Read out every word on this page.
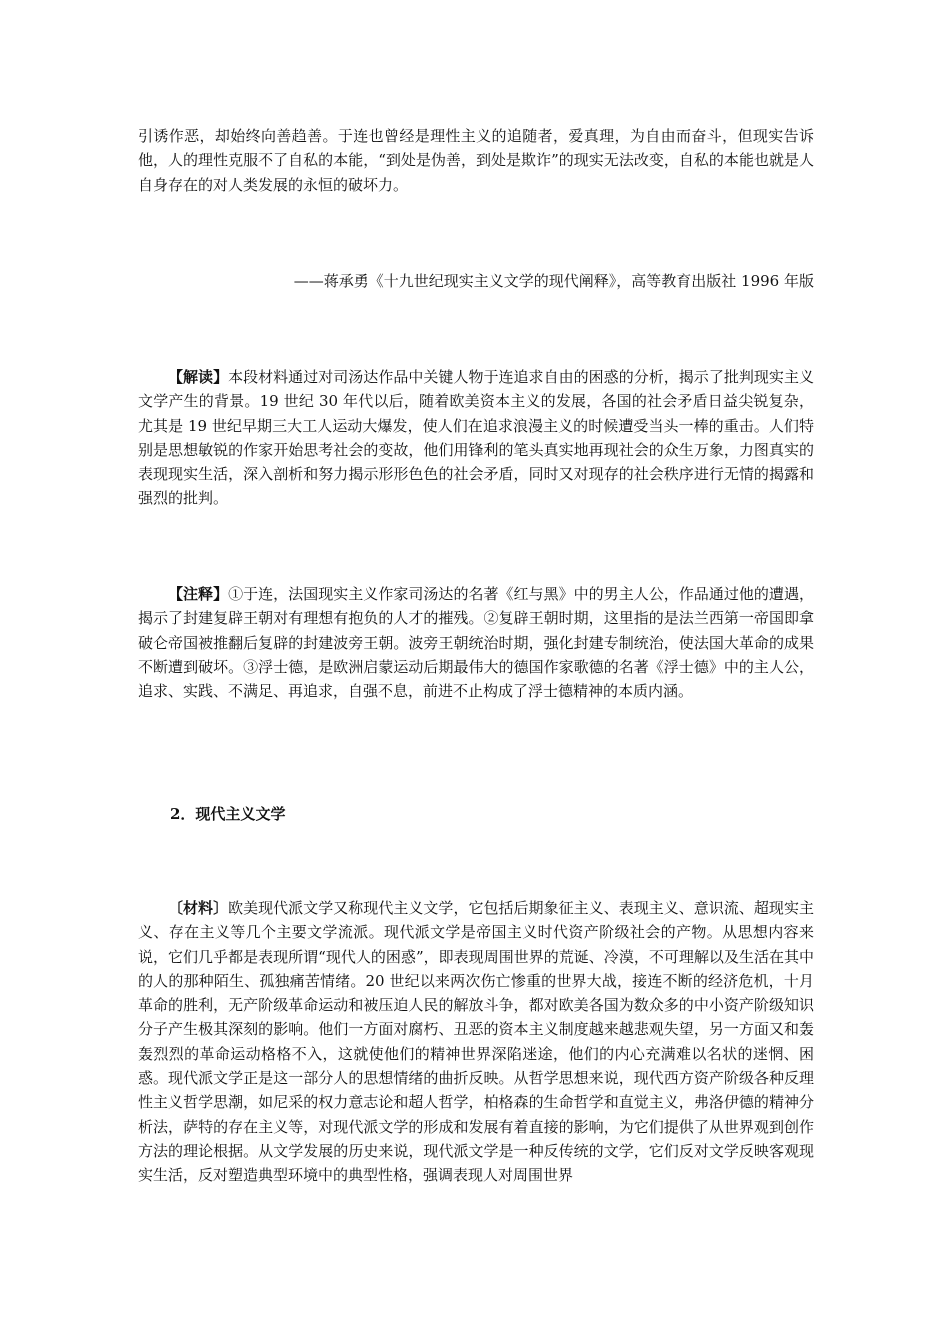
引诱作恶，却始终向善趋善。于连也曾经是理性主义的追随者，爱真理，为自由而奋斗，但现实告诉他，人的理性克服不了自私的本能，“到处是伪善，到处是欺诈”的现实无法改变，自私的本能也就是人自身存在的对人类发展的永恒的破坏力。

——蒋承勇《十九世纪现实主义文学的现代阐释》，高等教育出版社 1996 年版

【解读】本段材料通过对司汤达作品中关键人物于连追求自由的困惑的分析，揭示了批判现实主义文学产生的背景。19 世纪 30 年代以后，随着欧美资本主义的发展，各国的社会矛盾日益尖锐复杂，尤其是 19 世纪早期三大工人运动大爆发，使人们在追求浪漫主义的时候遭受当头一棒的重击。人们特别是思想敏锐的作家开始思考社会的变故，他们用锋利的笔头真实地再现社会的众生万象，力图真实的表现现实生活，深入剖析和努力揭示形形色色的社会矛盾，同时又对现存的社会秩序进行无情的揭露和强烈的批判。

【注释】①于连，法国现实主义作家司汤达的名著《红与黑》中的男主人公，作品通过他的遭遇，揭示了封建复辟王朝对有理想有抱负的人才的摧残。②复辟王朝时期，这里指的是法兰西第一帝国即拿破仑帝国被推翻后复辟的封建波旁王朝。波旁王朝统治时期，强化封建专制统治，使法国大革命的成果不断遭到破坏。③浮士德，是欧洲启蒙运动后期最伟大的德国作家歌德的名著《浮士德》中的主人公，追求、实践、不满足、再追求，自强不息，前进不止构成了浮士德精神的本质内涵。

2．现代主义文学

〔材料〕欧美现代派文学又称现代主义文学，它包括后期象征主义、表现主义、意识流、超现实主义、存在主义等几个主要文学流派。现代派文学是帝国主义时代资产阶级社会的产物。从思想内容来说，它们几乎都是表现所谓“现代人的困惑”，即表现周围世界的荒诞、冷漠，不可理解以及生活在其中的人的那种陌生、孤独痛苦情绪。20 世纪以来两次伤亡惨重的世界大战，接连不断的经济危机，十月革命的胜利，无产阶级革命运动和被压迫人民的解放斗争，都对欧美各国为数众多的中小资产阶级知识分子产生极其深刻的影响。他们一方面对腐朽、丑恶的资本主义制度越来越悲观失望，另一方面又和轰轰烈烈的革命运动格格不入，这就使他们的精神世界深陷迷途，他们的内心充满难以名状的迷惘、困惑。现代派文学正是这一部分人的思想情绪的曲折反映。从哲学思想来说，现代西方资产阶级各种反理性主义哲学思潮，如尼采的权力意志论和超人哲学，柏格森的生命哲学和直觉主义，弗洛伊德的精神分析法，萨特的存在主义等，对现代派文学的形成和发展有着直接的影响，为它们提供了从世界观到创作方法的理论根据。从文学发展的历史来说，现代派文学是一种反传统的文学，它们反对文学反映客观现实生活，反对塑造典型环境中的典型性格，强调表现人对周围世界
